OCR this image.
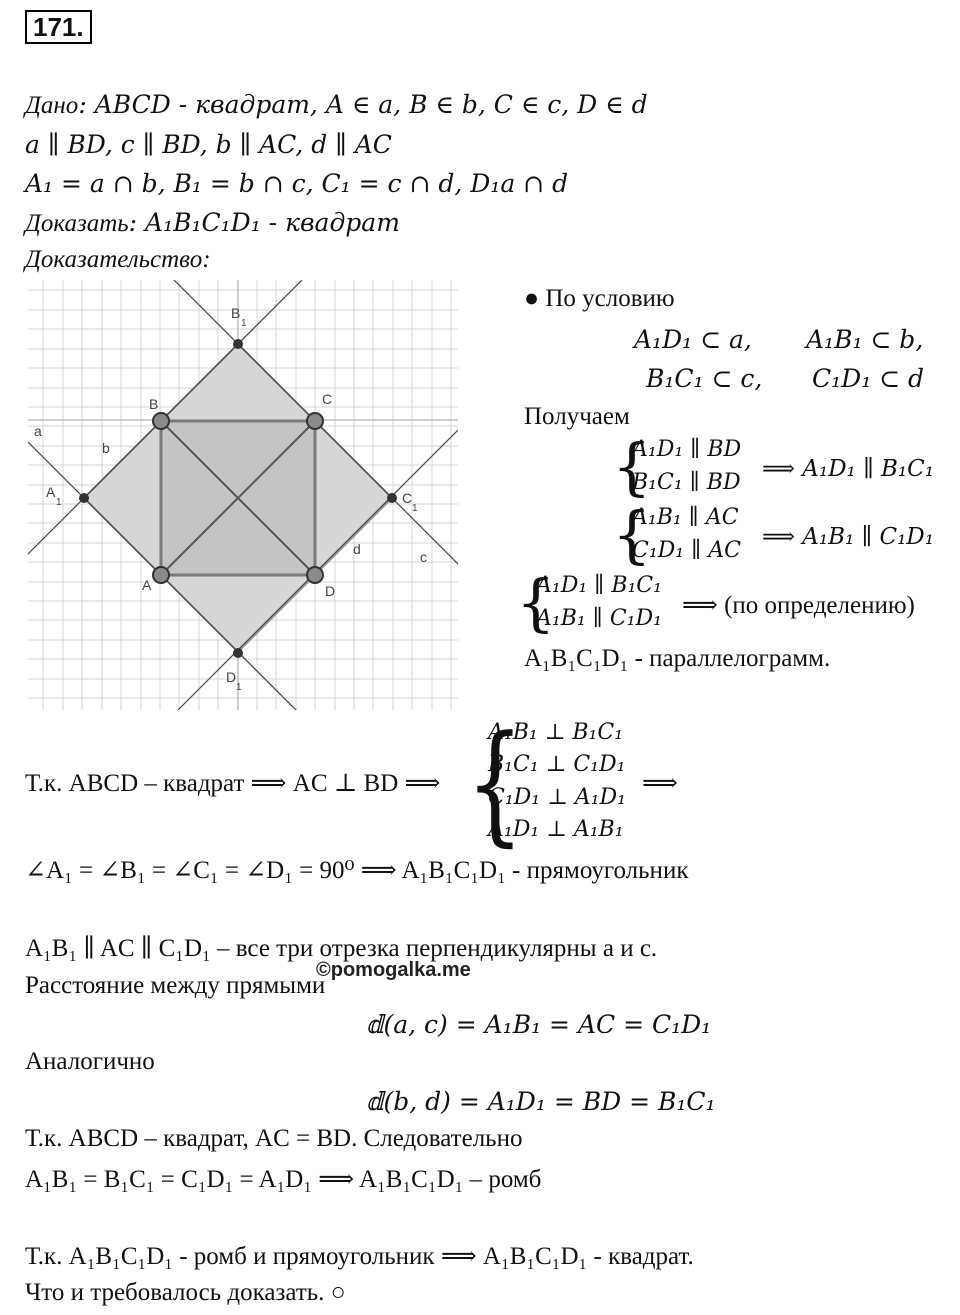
171.
Дано: ABCD - квадрат, A ∈ a, B ∈ b, C ∈ c, D ∈ d
a ∥ BD, c ∥ BD, b ∥ AC, d ∥ AC
A₁ = a ∩ b, B₁ = b ∩ c, C₁ = c ∩ d, D₁a ∩ d
Доказать: A₁B₁C₁D₁ - квадрат
Доказательство:
a
b
c
d
B	C
D
A
B
1
C
1
D
1
A
1
● По условию
A₁D₁ ⊂ a, A₁B₁ ⊂ b,
B₁C₁ ⊂ c, C₁D₁ ⊂ d
Получаем
{
A₁D₁ ∥ BD
B₁C₁ ∥ BD
⟹ A₁D₁ ∥ B₁C₁
{
A₁B₁ ∥ AC
C₁D₁ ∥ AC
⟹ A₁B₁ ∥ C₁D₁
{
A₁D₁ ∥ B₁C₁
A₁B₁ ∥ C₁D₁ ⟹ (по определению)
A₁B₁C₁D₁ - параллелограмм.
Т.к. ABCD – квадрат ⟹ AC ⊥ BD ⟹ {
A₁B₁ ⊥ B₁C₁
B₁C₁ ⊥ C₁D₁
C₁D₁ ⊥ A₁D₁
A₁D₁ ⊥ A₁B₁
⟹
∠A₁ = ∠B₁ = ∠C₁ = ∠D₁ = 90⁰ ⟹ A₁B₁C₁D₁ - прямоугольник
A₁B₁ ∥ AC ∥ C₁D₁ – все три отрезка перпендикулярны a и c.
©pomogalka.me
Расстояние между прямыми
𝕕(a, c) = A₁B₁ = AC = C₁D₁
Аналогично
𝕕(b, d) = A₁D₁ = BD = B₁C₁
Т.к. ABCD – квадрат, AC = BD. Следовательно
A₁B₁ = B₁C₁ = C₁D₁ = A₁D₁ ⟹ A₁B₁C₁D₁ – ромб
Т.к. A₁B₁C₁D₁ - ромб и прямоугольник ⟹ A₁B₁C₁D₁ - квадрат.
Что и требовалось доказать. ○
